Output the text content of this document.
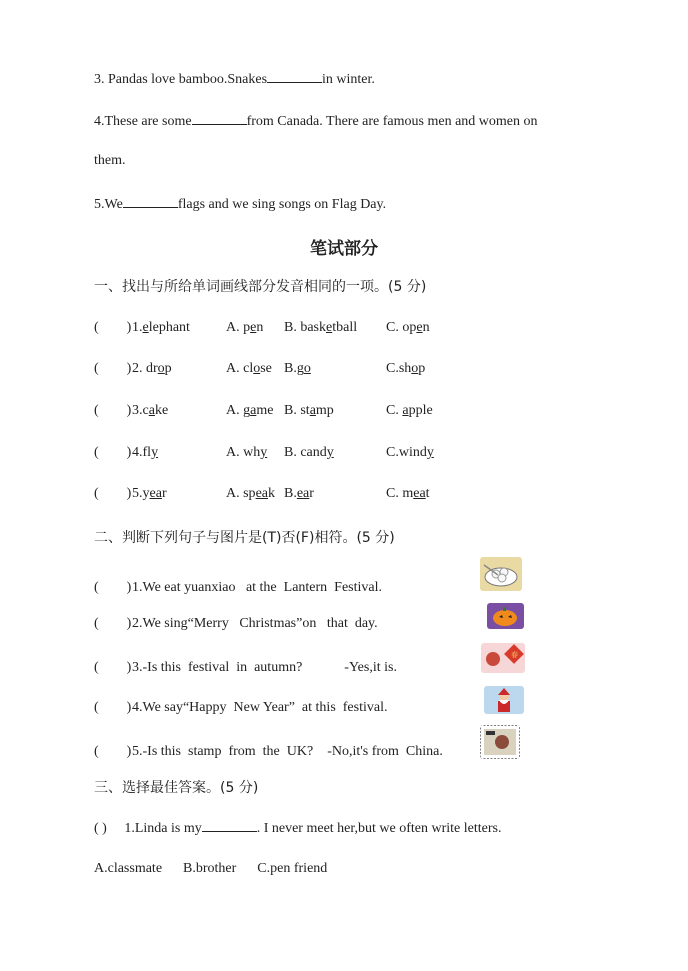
3. Pandas love bamboo.Snakes	in winter.
4.These are some	from Canada. There are famous men and women on
them.
5.We	flags and we sing songs on Flag Day.
笔试部分
一、找出与所给单词画线部分发音相同的一项。(5 分)
(        ) 1.elephant	A. pen B. basketball C. open
(        ) 2. drop	A. close B.go	C.shop
(        ) 3.cake	A. game B. stamp	C. apple
(        ) 4.fly	A. why B. candy	C.windy
(        ) 5.year	A. speak B.ear	C. meat
二、判断下列句子与图片是(T)否(F)相符。(5 分)
(        ) 1.We eat yuanxiao   at the  Lantern  Festival.
(        ) 2.We sing“Merry   Christmas”on   that  day.
(        ) 3.-Is this  festival  in  autumn?            -Yes,it is.
(        ) 4.We say“Happy  New Year”  at this  festival.
(        ) 5.-Is this  stamp  from  the  UK?    -No,it's from  China.
春
三、选择最佳答案。(5 分)
( ) 1.Linda is my	. I never meet her,but we often write letters.
A.classmate      B.brother      C.pen friend
